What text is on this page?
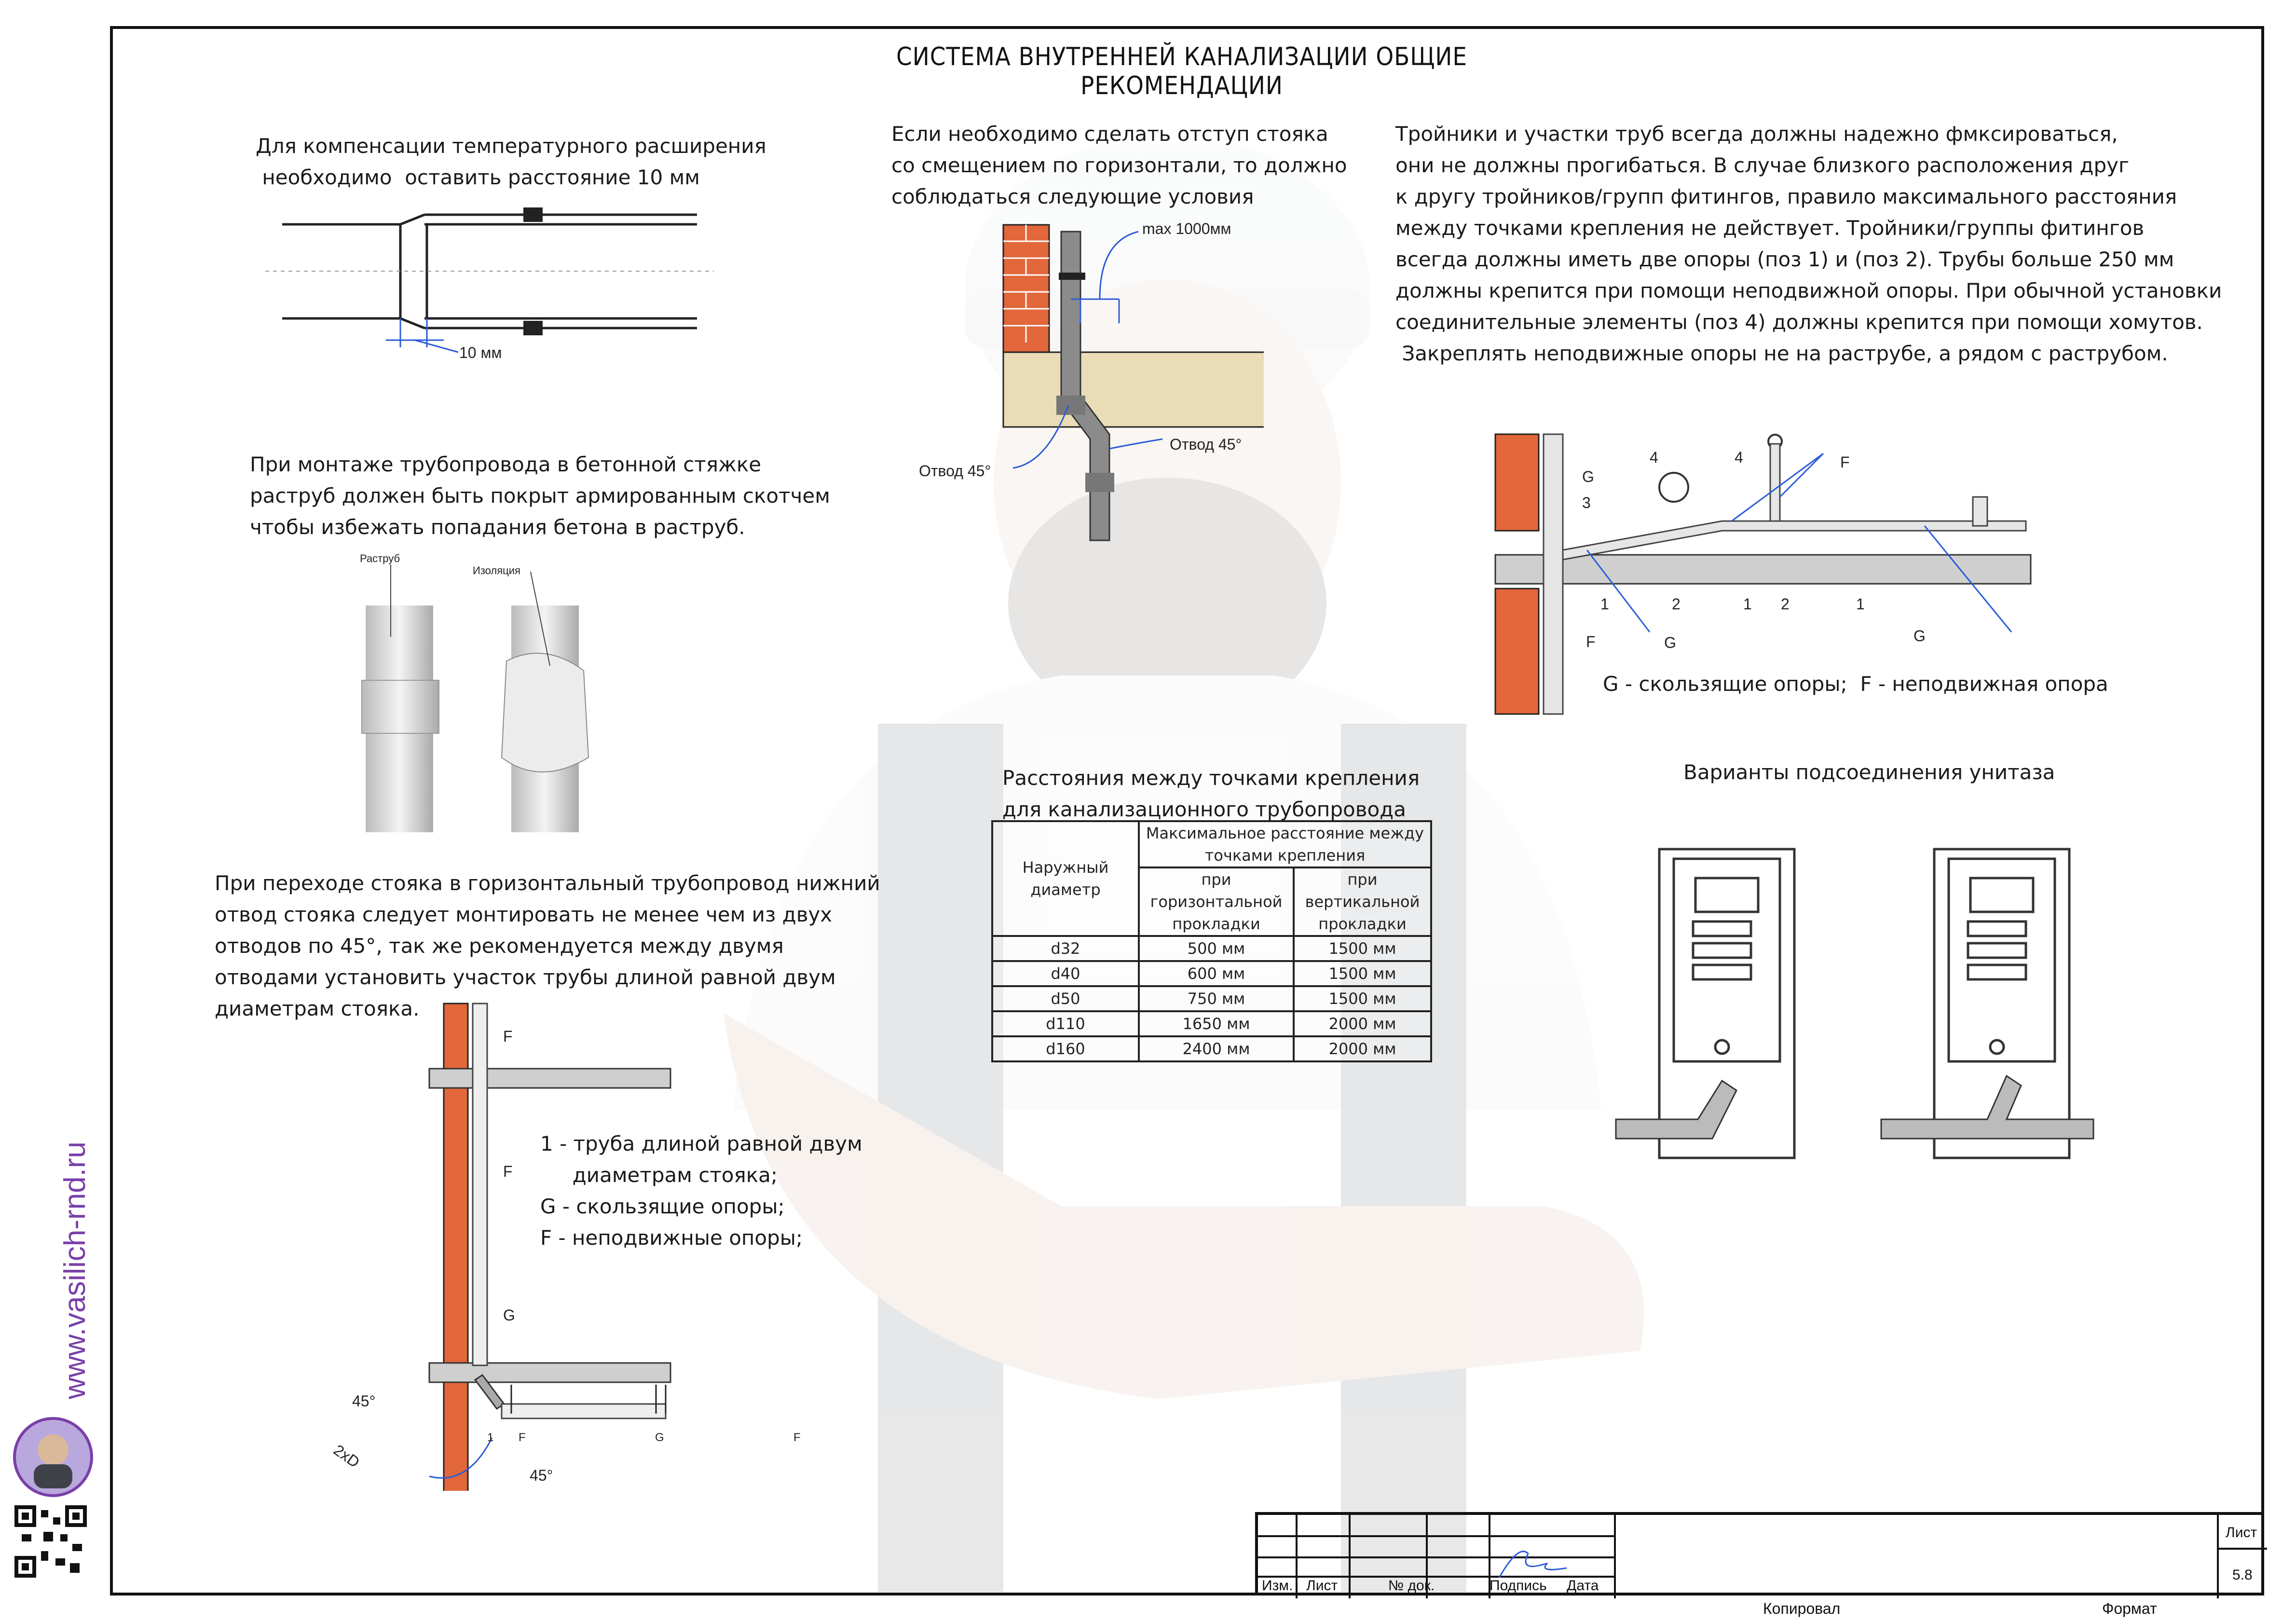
СИСТЕМА ВНУТРЕННЕЙ КАНАЛИЗАЦИИ ОБЩИЕ РЕКОМЕНДАЦИИ
Для компенсации температурного расширения
необходимо  оставить расстояние 10 мм
10 мм
Если необходимо сделать отступ стояка
со смещением по горизонтали, то должно
соблюдаться следующие условия
max 1000мм
Отвод 45°
Отвод 45°
Тройники и участки труб всегда должны надежно фмксироваться,
они не должны прогибаться. В случае близкого расположения друг
к другу тройников/групп фитингов, правило максимального расстояния
между точками крепления не действует. Тройники/группы фитингов
всегда должны иметь две опоры (поз 1) и (поз 2). Трубы больше 250 мм
должны крепится при помощи неподвижной опоры. При обычной установки
соединительные элементы (поз 4) должны крепится при помощи хомутов.
Закреплять неподвижные опоры не на раструбе, а рядом с раструбом.
G
3
4	4	F
1	2	1 2	1
G	G
F
G - скользящие опоры;  F - неподвижная опора
При монтаже трубопровода в бетонной стяжке
раструб должен быть покрыт армированным скотчем
чтобы избежать попадания бетона в раструб.
Раструб
Изоляция
При переходе стояка в горизонтальный трубопровод нижний
отвод стояка следует монтировать не менее чем из двух
отводов по 45°, так же рекомендуется между двумя
отводами установить участок трубы длиной равной двум
диаметрам стояка.
F
F
G
45°
2xD
45°
1 F	G	F
1 - труба длиной равной двум
диаметрам стояка;
G - скользящие опоры;
F - неподвижные опоры;
Варианты подсоединения унитаза
Расстояния между точками крепления
для канализационного трубопровода
Наружный диаметр	Максимальное расстояние между точками крепления	
	при горизонтальной прокладки	при вертикальной прокладки
d32	500 мм	1500 мм
d40	600 мм	1500 мм
d50	750 мм	1500 мм
d110	1650 мм	2000 мм
d160	2400 мм	2000 мм
Изм. Лист	№ док.	Подпись Дата
Лист
5.8
Копировал	Формат
www.vasilich-rnd.ru
